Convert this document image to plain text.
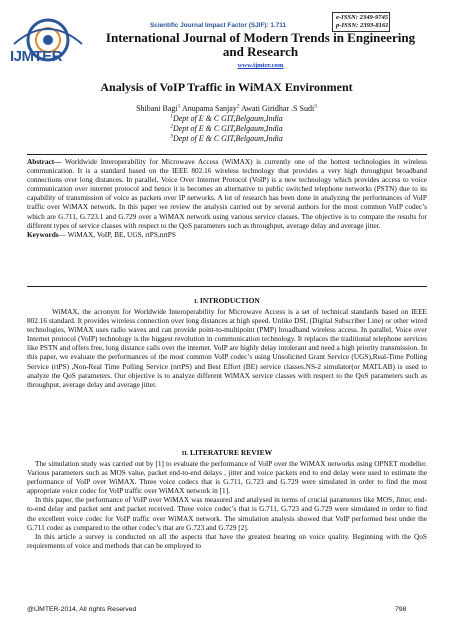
IJMTER
Scientific Journal Impact Factor (SJIF): 1.711
e-ISSN: 2349-9745
p-ISSN: 2393-8161
International Journal of Modern Trends in Engineering
and Research
www.ijmter.com
Analysis of VoIP Traffic in WiMAX Environment
Shibani Bagi$^1$ Anupama Sanjay$^2$ Awati Giridhar .S Sudi$^3$
$^1$Dept of E & C GIT,Belgaum,India
$^2$Dept of E & C GIT,Belgaum,India
$^3$Dept of E & C GIT,Belgaum,India

Abstract— Worldwide Interoperability for Microwave Access (WiMAX) is currently one of the hottest technologies in wireless communication. It is a standard based on the IEEE 802.16 wireless technology that provides a very high throughput broadband connections over long distances. In parallel, Voice Over Internet Protocol (VoIP) is a new technology which provides access to voice communication over internet protocol and hence it is becomes an alternative to public switched telephone networks (PSTN) due to its capability of transmission of voice as packets over IP networks. A lot of research has been done in analyzing the performances of VoIP traffic over WiMAX network. In this paper we review the analysis carried out by several authors for the most common VoIP codec’s which are G.711, G.723.1 and G.729 over a WiMAX network using various service classes. The objective is to compare the results for different types of service classes with respect to the QoS parameters such as throughput, average delay and average jitter.

Keywords— WiMAX, VoIP, BE, UGS, rtPS,nrtPS

I. INTRODUCTION

WiMAX, the acronym for Worldwide Interoperability for Microwave Access is a set of technical standards based on IEEE 802.16 standard. It provides wireless connection over long distances at high speed. Unlike DSL (Digital Subscriber Line) or other wired technologies, WiMAX uses radio waves and can provide point-to-multipoint (PMP) broadband wireless access. In parallel, Voice over Internet protocol (VoIP) technology is the biggest revolution in communication technology. It replaces the traditional telephone services like PSTN and offers free, long distance calls over the internet. VoIP are highly delay intolerant and need a high priority transmission. In this paper, we evaluate the performances of the most common VoIP codec’s using Unsolicited Grant Service (UGS),Real-Time Polling Service (rtPS) ,Non-Real Time Polling Service (nrtPS) and Best Effort (BE) service classes.NS-2 simulator(or MATLAB) is used to analyze the QoS parameters. Our objective is to analyze different WiMAX service classes with respect to the QoS parameters such as throughput, average delay and average jitter.

II. LITERATURE REVIEW

The simulation study was carried out by [1] to evaluate the performance of VoIP over the WiMAX networks using OPNET modeller. Various parameters such as MOS value, packet end-to-end delays , jitter and voice packets end to end delay were used to estimate the performance of VoIP over WiMAX. Three voice codecs that is G.711, G.723 and G.729 were simulated in order to find the most appropriate voice codec for VoIP traffic over WiMAX network in [1].

In this paper, the performance of VoIP over WiMAX was measured and analysed in terms of crucial parameters like MOS, Jitter, end-to-end delay and packet sent and packet received. Three voice codec’s that is G.711, G.723 and G.729 were simulated in order to find the excellent voice codec for VoIP traffic over WiMAX network. The simulation analysis showed that VoIP performed best under the G.711 codec as compared to the other codec’s that are G.723 and G.729 [2].

In this article a survey is conducted on all the aspects that have the greatest bearing on voice quality. Beginning with the QoS requirements of voice and methods that can be employed to

@IJMTER-2014, All rights Reserved	798
